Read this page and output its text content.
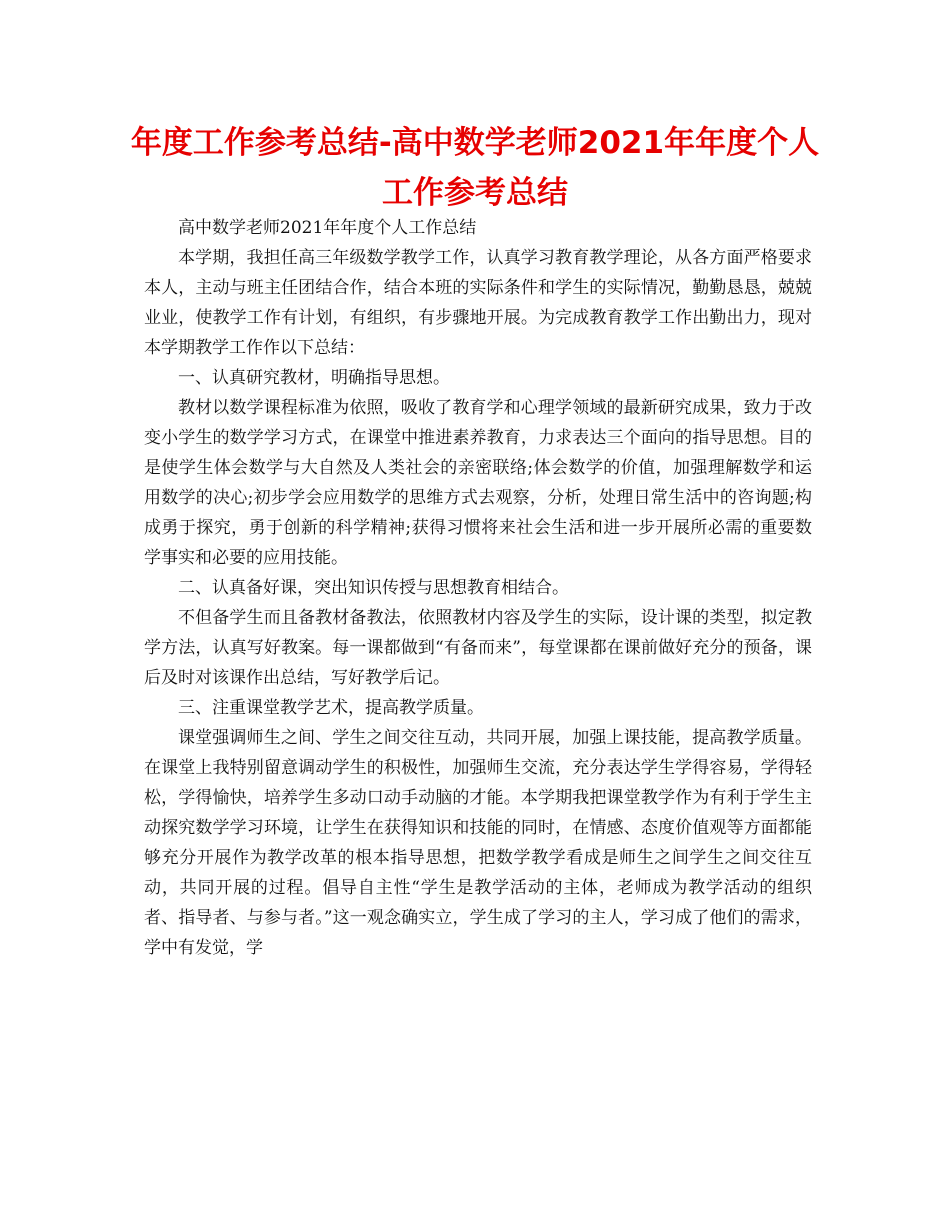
年度工作参考总结-高中数学老师2021年年度个人工作参考总结

高中数学老师2021年年度个人工作总结

本学期，我担任高三年级数学教学工作，认真学习教育教学理论，从各方面严格要求本人，主动与班主任团结合作，结合本班的实际条件和学生的实际情况，勤勤恳恳，兢兢业业，使教学工作有计划，有组织，有步骤地开展。为完成教育教学工作出勤出力，现对本学期教学工作作以下总结：

一、认真研究教材，明确指导思想。

教材以数学课程标准为依照，吸收了教育学和心理学领域的最新研究成果，致力于改变小学生的数学学习方式，在课堂中推进素养教育，力求表达三个面向的指导思想。目的是使学生体会数学与大自然及人类社会的亲密联络;体会数学的价值，加强理解数学和运用数学的决心;初步学会应用数学的思维方式去观察，分析，处理日常生活中的咨询题;构成勇于探究，勇于创新的科学精神;获得习惯将来社会生活和进一步开展所必需的重要数学事实和必要的应用技能。

二、认真备好课，突出知识传授与思想教育相结合。

不但备学生而且备教材备教法，依照教材内容及学生的实际，设计课的类型，拟定教学方法，认真写好教案。每一课都做到“有备而来”，每堂课都在课前做好充分的预备，课后及时对该课作出总结，写好教学后记。

三、注重课堂教学艺术，提高教学质量。

课堂强调师生之间、学生之间交往互动，共同开展，加强上课技能，提高教学质量。在课堂上我特别留意调动学生的积极性，加强师生交流，充分表达学生学得容易，学得轻松，学得愉快，培养学生多动口动手动脑的才能。本学期我把课堂教学作为有利于学生主动探究数学学习环境，让学生在获得知识和技能的同时，在情感、态度价值观等方面都能够充分开展作为教学改革的根本指导思想，把数学教学看成是师生之间学生之间交往互动，共同开展的过程。倡导自主性“学生是教学活动的主体，老师成为教学活动的组织者、指导者、与参与者。”这一观念确实立，学生成了学习的主人，学习成了他们的需求，学中有发觉，学
